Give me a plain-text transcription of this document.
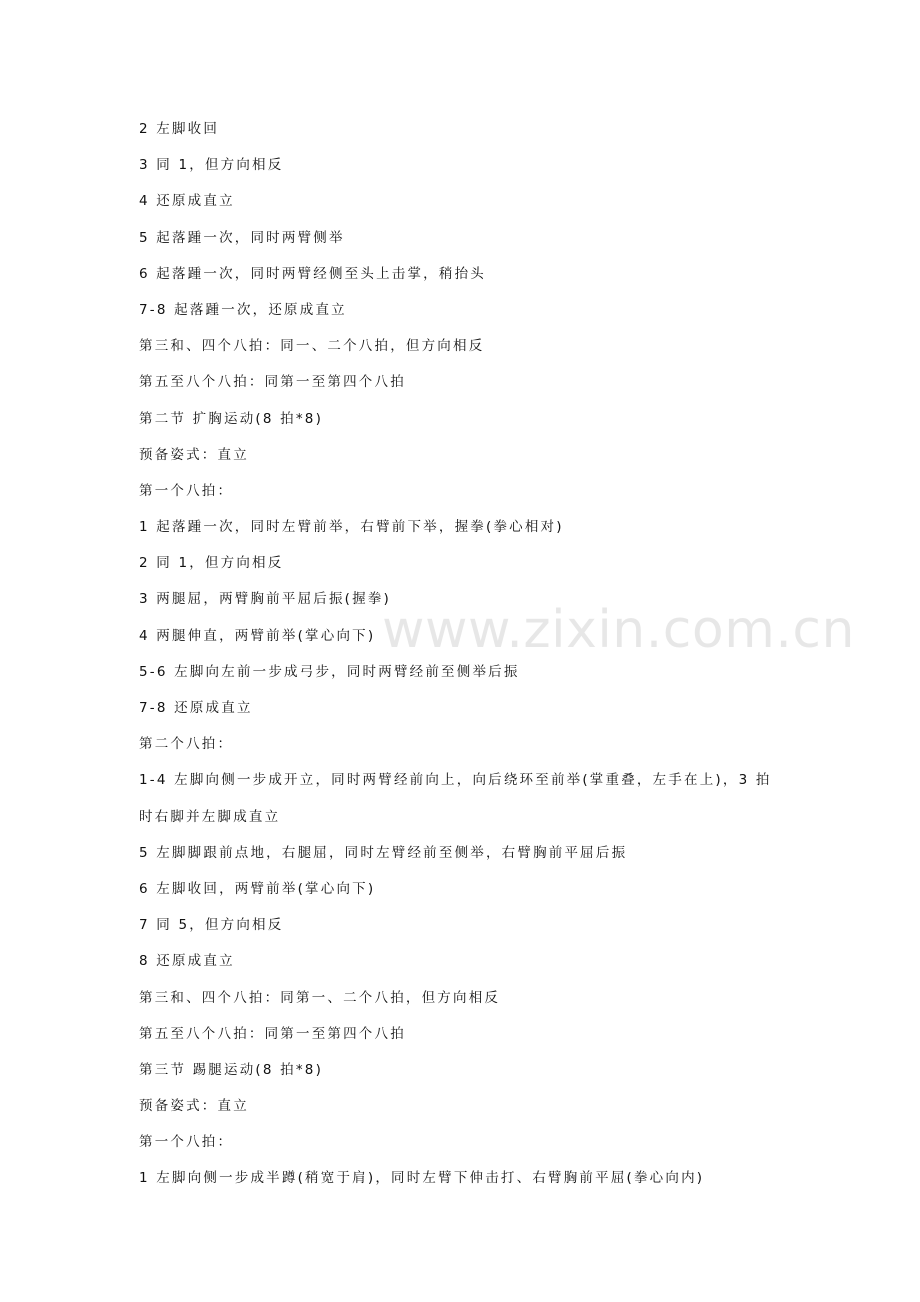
2 左脚收回
3 同 1，但方向相反
4 还原成直立
5 起落踵一次，同时两臂侧举
6 起落踵一次，同时两臂经侧至头上击掌，稍抬头
7-8 起落踵一次，还原成直立
第三和、四个八拍：同一、二个八拍，但方向相反
第五至八个八拍：同第一至第四个八拍
第二节 扩胸运动(8 拍*8)
预备姿式：直立
第一个八拍：
1 起落踵一次，同时左臂前举，右臂前下举，握拳(拳心相对)
2 同 1，但方向相反
3 两腿屈，两臂胸前平屈后振(握拳)
4 两腿伸直，两臂前举(掌心向下)
5-6 左脚向左前一步成弓步，同时两臂经前至侧举后振
7-8 还原成直立
第二个八拍：
1-4 左脚向侧一步成开立，同时两臂经前向上，向后绕环至前举(掌重叠，左手在上)，3 拍
时右脚并左脚成直立
5 左脚脚跟前点地，右腿屈，同时左臂经前至侧举，右臂胸前平屈后振
6 左脚收回，两臂前举(掌心向下)
7 同 5，但方向相反
8 还原成直立
第三和、四个八拍：同第一、二个八拍，但方向相反
第五至八个八拍：同第一至第四个八拍
第三节 踢腿运动(8 拍*8)
预备姿式：直立
第一个八拍：
1 左脚向侧一步成半蹲(稍宽于肩)，同时左臂下伸击打、右臂胸前平屈(拳心向内)
www.zixin.com.cn
